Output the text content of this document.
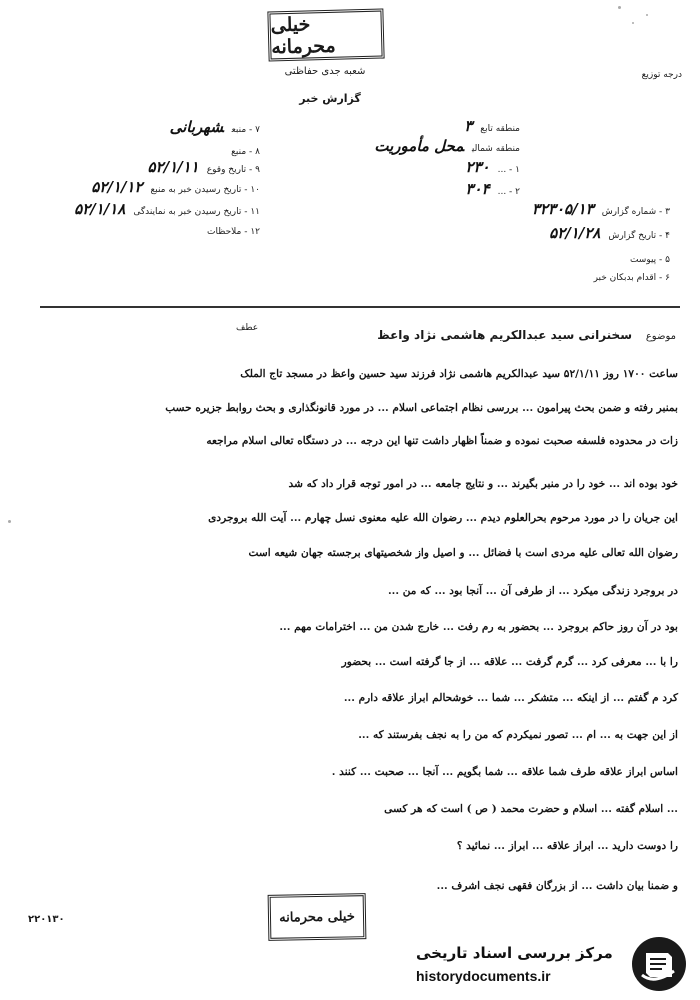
خیلی محرمانه
شعبه جدی حفاظتی
گزارش خبر
درجه توزیع
منطقه تابع۳
منطقه شمالیمحل مأموریت
۱ - ...۲۳۰
۲ - ...۳۰۴
۳ - شماره گزارش۳۲۳۰۵/۱۳
۴ - تاریخ گزارش۵۲/۱/۲۸
۵ - پیوست
۶ - اقدام بدبکان خبر
۷ - منبعشهربانی
۸ - منبع
۹ - تاریخ وقوع۵۲/۱/۱۱
۱۰ - تاریخ رسیدن خبر به منبع۵۲/۱/۱۲
۱۱ - تاریخ رسیدن خبر به نمایندگی۵۲/۱/۱۸
۱۲ - ملاحظات
موضوع سخنرانی سید عبدالکریم هاشمی نژاد واعظ
عطف
ساعت ۱۷۰۰ روز ۵۲/۱/۱۱ سید عبدالکریم هاشمی نژاد فرزند سید حسین واعظ در مسجد تاج الملک
بمنبر رفته و ضمن بحث پیرامون ... بررسی نظام اجتماعی اسلام ... در مورد قانونگذاری و بحث روابط جزیره حسب
زات در محدوده فلسفه صحبت نموده و ضمناً اظهار داشت تنها این درجه ... در دستگاه تعالی اسلام مراجعه
خود بوده اند ... خود را در منبر بگیرند ... و نتایج جامعه ... در امور توجه قرار داد که شد
این جریان را در مورد مرحوم بحرالعلوم دیدم ... رضوان الله علیه معنوی نسل چهارم ... آیت الله بروجردی
رضوان الله تعالی علیه مردی است با فضائل ... و اصیل واز شخصیتهای برجسته جهان شیعه است
در بروجرد زندگی میکرد ... از طرفی آن ... آنجا بود ... که من ...
بود در آن روز حاکم بروجرد ... بحضور به رم رفت ... خارج شدن من ... اخترامات مهم ...
را با ... معرفی کرد ... گرم گرفت ... علاقه ... از جا گرفته است ... بحضور
کرد م گفتم ... از اینکه ... متشکر ... شما ... خوشحالم ابراز علاقه دارم ...
از این جهت به ... ام ... تصور نمیکردم که من را به نجف بفرستند که ...
اساس ابراز علاقه طرف شما علاقه ... شما بگویم ... آنجا ... صحبت ... کنند .
... اسلام گفته ... اسلام و حضرت محمد ( ص ) است که هر کسی
را دوست دارید ... ابراز علاقه ... ابراز ... نمائید ؟
و ضمنا بیان داشت ... از بزرگان فقهی نجف اشرف ...
خیلی محرمانه
۲۲۰۱۳۰
مرکز بررسی اسناد تاریخی
historydocuments.ir
